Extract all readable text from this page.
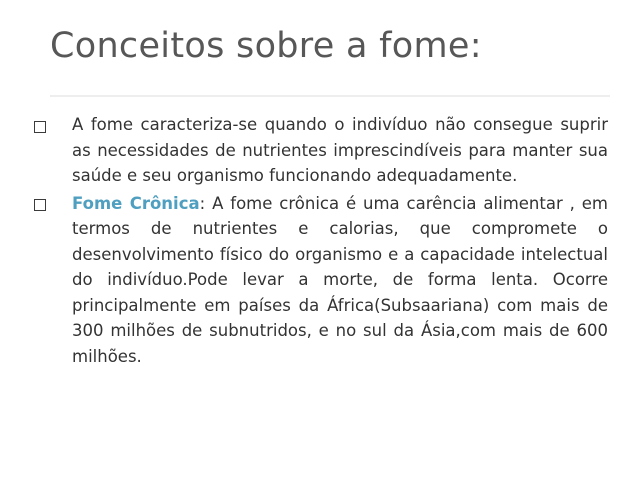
Conceitos sobre a fome:
A fome caracteriza-se quando o indivíduo não consegue suprir as necessidades de nutrientes imprescindíveis para manter sua saúde e seu organismo funcionando adequadamente.
Fome Crônica: A fome crônica é uma carência alimentar , em termos de nutrientes e calorias, que compromete o desenvolvimento físico do organismo e a capacidade intelectual do indivíduo.Pode levar a morte, de forma lenta. Ocorre principalmente em países da África(Subsaariana) com mais de 300 milhões de subnutridos, e no sul da Ásia,com mais de 600 milhões.
